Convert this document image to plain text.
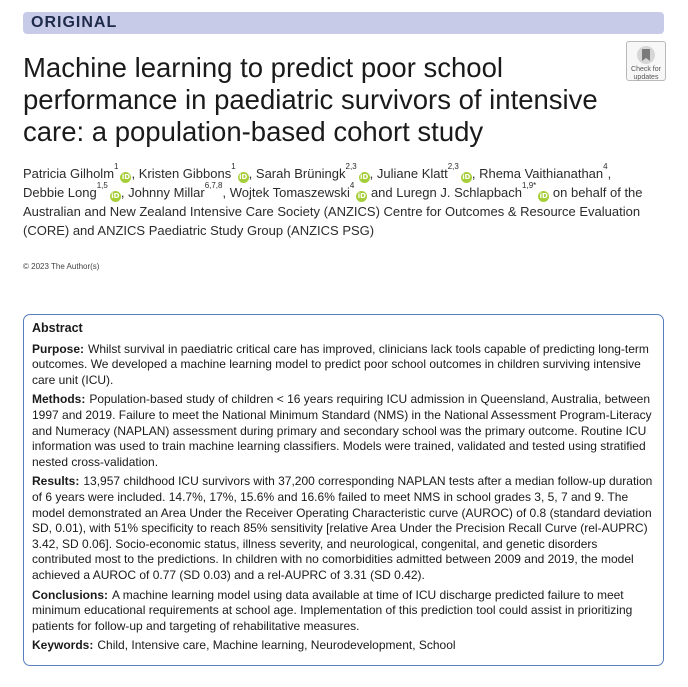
ORIGINAL
Check for
updates
Machine learning to predict poor school performance in paediatric survivors of intensive care: a population-based cohort study
Patricia Gilholm$^1$iD, Kristen Gibbons$^1$iD, Sarah Brüningk$^{2,3}$iD, Juliane Klatt$^{2,3}$iD, Rhema Vaithianathan$^4$, Debbie Long$^{1,5}$iD, Johnny Millar$^{6,7,8}$, Wojtek Tomaszewski$^4$iD and Luregn J. Schlapbach$^{1,9*}$iD on behalf of the Australian and New Zealand Intensive Care Society (ANZICS) Centre for Outcomes & Resource Evaluation (CORE) and ANZICS Paediatric Study Group (ANZICS PSG)
© 2023 The Author(s)
Abstract
Purpose: Whilst survival in paediatric critical care has improved, clinicians lack tools capable of predicting long-term outcomes. We developed a machine learning model to predict poor school outcomes in children surviving intensive care unit (ICU).
Methods: Population-based study of children < 16 years requiring ICU admission in Queensland, Australia, between 1997 and 2019. Failure to meet the National Minimum Standard (NMS) in the National Assessment Program-Literacy and Numeracy (NAPLAN) assessment during primary and secondary school was the primary outcome. Routine ICU information was used to train machine learning classifiers. Models were trained, validated and tested using stratified nested cross-validation.
Results: 13,957 childhood ICU survivors with 37,200 corresponding NAPLAN tests after a median follow-up duration of 6 years were included. 14.7%, 17%, 15.6% and 16.6% failed to meet NMS in school grades 3, 5, 7 and 9. The model demonstrated an Area Under the Receiver Operating Characteristic curve (AUROC) of 0.8 (standard deviation SD, 0.01), with 51% specificity to reach 85% sensitivity [relative Area Under the Precision Recall Curve (rel-AUPRC) 3.42, SD 0.06]. Socio-economic status, illness severity, and neurological, congenital, and genetic disorders contributed most to the predictions. In children with no comorbidities admitted between 2009 and 2019, the model achieved a AUROC of 0.77 (SD 0.03) and a rel-AUPRC of 3.31 (SD 0.42).
Conclusions: A machine learning model using data available at time of ICU discharge predicted failure to meet minimum educational requirements at school age. Implementation of this prediction tool could assist in prioritizing patients for follow-up and targeting of rehabilitative measures.
Keywords: Child, Intensive care, Machine learning, Neurodevelopment, School
